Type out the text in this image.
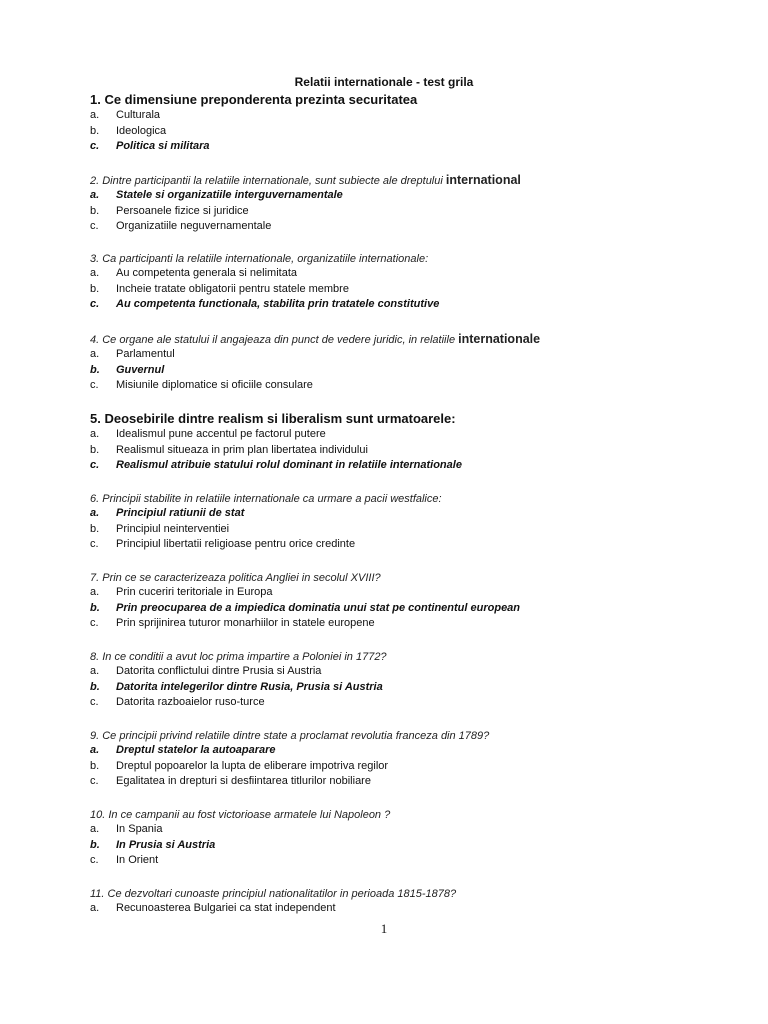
Relatii internationale - test grila
1. Ce dimensiune preponderenta prezinta securitatea
a.	Culturala
b.	Ideologica
c.	Politica si militara
2. Dintre participantii la relatiile internationale, sunt subiecte ale dreptului international
a.	Statele si organizatiile interguvernamentale
b.	Persoanele fizice si juridice
c.	Organizatiile neguvernamentale
3. Ca participanti la relatiile internationale, organizatiile internationale:
a.	Au competenta generala si nelimitata
b.	Incheie tratate obligatorii pentru statele membre
c.	Au competenta functionala, stabilita prin tratatele constitutive
4. Ce organe ale statului il angajeaza din punct de vedere juridic, in relatiile internationale
a.	Parlamentul
b.	Guvernul
c.	Misiunile diplomatice si oficiile consulare
5. Deosebirile dintre realism si liberalism sunt urmatoarele:
a.	Idealismul pune accentul pe factorul putere
b.	Realismul situeaza in prim plan libertatea individului
c.	Realismul atribuie statului rolul dominant in relatiile internationale
6. Principii stabilite in relatiile internationale ca urmare a pacii westfalice:
a.	Principiul ratiunii de stat
b.	Principiul neinterventiei
c.	Principiul libertatii religioase pentru orice credinte
7. Prin ce se caracterizeaza politica Angliei in secolul XVIII?
a.	Prin cuceriri teritoriale in Europa
b.	Prin preocuparea de a impiedica dominatia unui stat pe continentul european
c.	Prin sprijinirea tuturor monarhiilor in statele europene
8. In ce conditii a avut loc prima impartire a Poloniei in 1772?
a.	Datorita conflictului dintre Prusia si Austria
b.	Datorita intelegerilor dintre Rusia, Prusia si Austria
c.	Datorita razboaielor ruso-turce
9. Ce principii privind relatiile dintre state a proclamat revolutia franceza din 1789?
a.	Dreptul statelor la autoaparare
b.	Dreptul popoarelor la lupta de eliberare impotriva regilor
c.	Egalitatea in drepturi si desfiintarea titlurilor nobiliare
10. In ce campanii au fost victorioase armatele lui Napoleon ?
a.	In Spania
b.	In Prusia si Austria
c.	In Orient
11. Ce dezvoltari cunoaste principiul nationalitatilor in perioada 1815-1878?
a.	Recunoasterea Bulgariei ca stat independent
1
